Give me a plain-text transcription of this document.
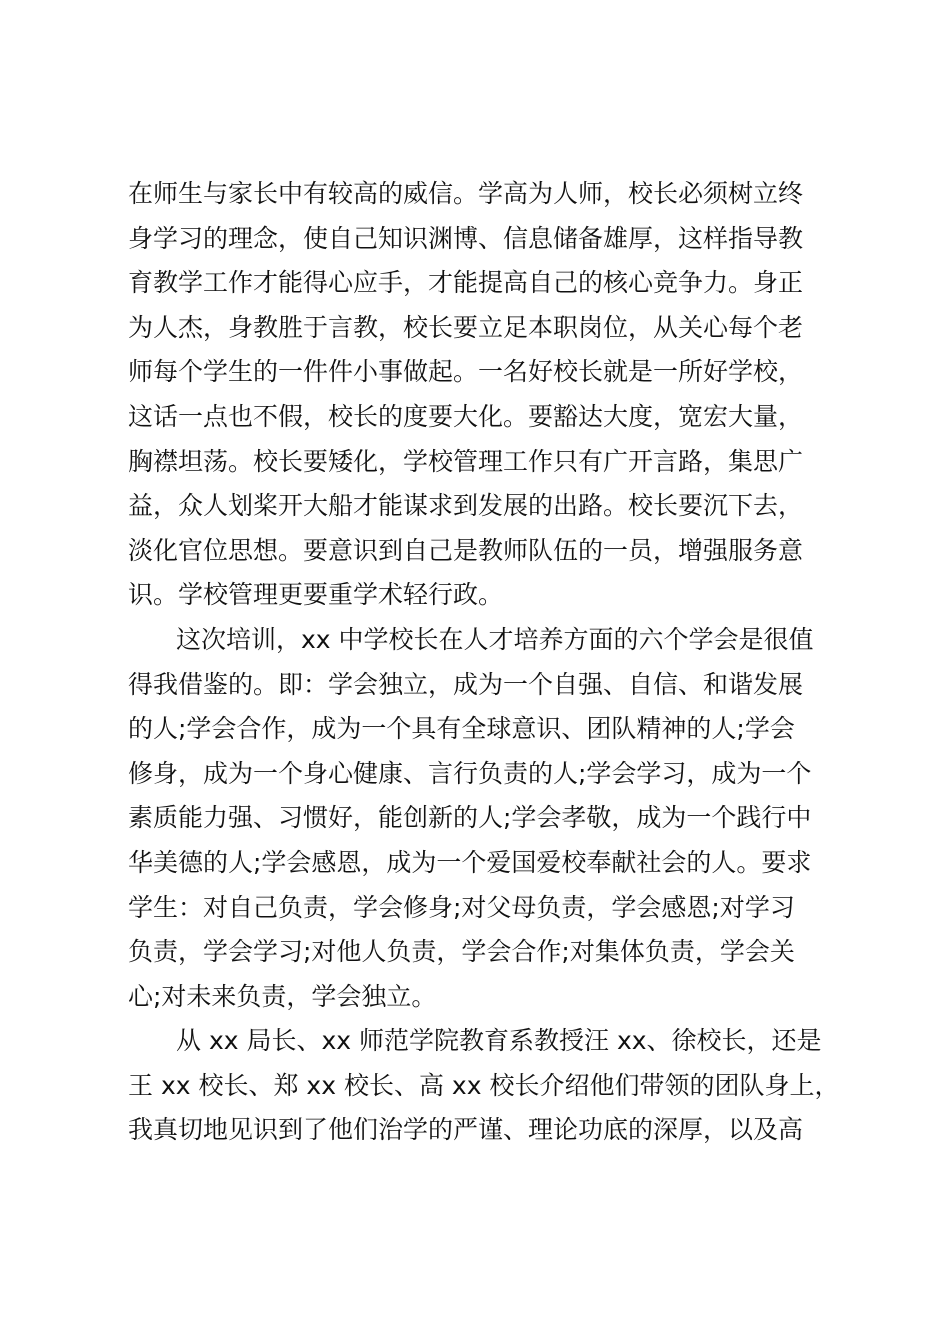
在师生与家长中有较高的威信。学高为人师，校长必须树立终
身学习的理念，使自己知识渊博、信息储备雄厚，这样指导教
育教学工作才能得心应手，才能提高自己的核心竞争力。身正
为人杰，身教胜于言教，校长要立足本职岗位，从关心每个老
师每个学生的一件件小事做起。一名好校长就是一所好学校，
这话一点也不假，校长的度要大化。要豁达大度，宽宏大量，
胸襟坦荡。校长要矮化，学校管理工作只有广开言路，集思广
益，众人划桨开大船才能谋求到发展的出路。校长要沉下去，
淡化官位思想。要意识到自己是教师队伍的一员，增强服务意
识。学校管理更要重学术轻行政。
这次培训，xx 中学校长在人才培养方面的六个学会是很值
得我借鉴的。即：学会独立，成为一个自强、自信、和谐发展
的人;学会合作，成为一个具有全球意识、团队精神的人;学会
修身，成为一个身心健康、言行负责的人;学会学习，成为一个
素质能力强、习惯好，能创新的人;学会孝敬，成为一个践行中
华美德的人;学会感恩，成为一个爱国爱校奉献社会的人。要求
学生：对自己负责，学会修身;对父母负责，学会感恩;对学习
负责，学会学习;对他人负责，学会合作;对集体负责，学会关
心;对未来负责，学会独立。
从 xx 局长、xx 师范学院教育系教授汪 xx、徐校长，还是
王 xx 校长、郑 xx 校长、高 xx 校长介绍他们带领的团队身上，
我真切地见识到了他们治学的严谨、理论功底的深厚，以及高
